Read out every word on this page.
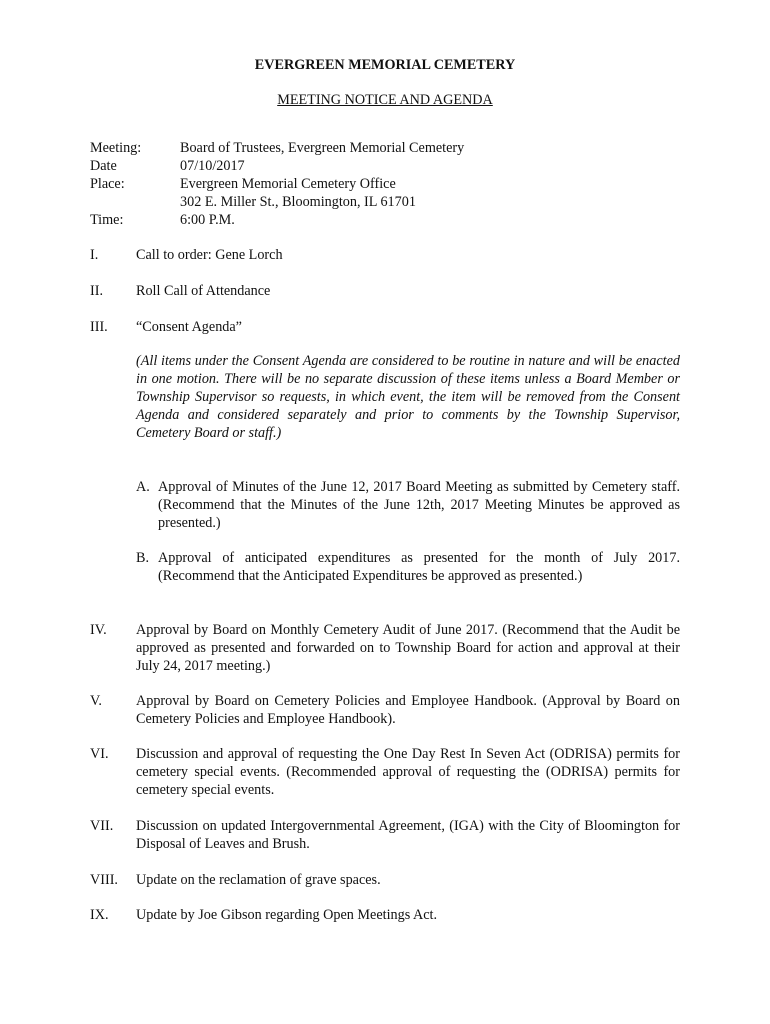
EVERGREEN MEMORIAL CEMETERY
MEETING NOTICE AND AGENDA
Meeting:	Board of Trustees, Evergreen Memorial Cemetery
Date	07/10/2017
Place:	Evergreen Memorial Cemetery Office
302 E. Miller St., Bloomington, IL 61701
Time:	6:00 P.M.
I.	Call to order: Gene Lorch
II.	Roll Call of Attendance
III.	“Consent Agenda”
(All items under the Consent Agenda are considered to be routine in nature and will be enacted in one motion. There will be no separate discussion of these items unless a Board Member or Township Supervisor so requests, in which event, the item will be removed from the Consent Agenda and considered separately and prior to comments by the Township Supervisor, Cemetery Board or staff.)
A. Approval of Minutes of the June 12, 2017 Board Meeting as submitted by Cemetery staff. (Recommend that the Minutes of the June 12th, 2017 Meeting Minutes be approved as presented.)
B. Approval of anticipated expenditures as presented for the month of July 2017. (Recommend that the Anticipated Expenditures be approved as presented.)
IV.	Approval by Board on Monthly Cemetery Audit of June 2017. (Recommend that the Audit be approved as presented and forwarded on to Township Board for action and approval at their July 24, 2017 meeting.)
V.	Approval by Board on Cemetery Policies and Employee Handbook. (Approval by Board on Cemetery Policies and Employee Handbook).
VI.	Discussion and approval of requesting the One Day Rest In Seven Act (ODRISA) permits for cemetery special events. (Recommended approval of requesting the (ODRISA) permits for cemetery special events.
VII.	Discussion on updated Intergovernmental Agreement, (IGA) with the City of Bloomington for Disposal of Leaves and Brush.
VIII.	Update on the reclamation of grave spaces.
IX.	Update by Joe Gibson regarding Open Meetings Act.
